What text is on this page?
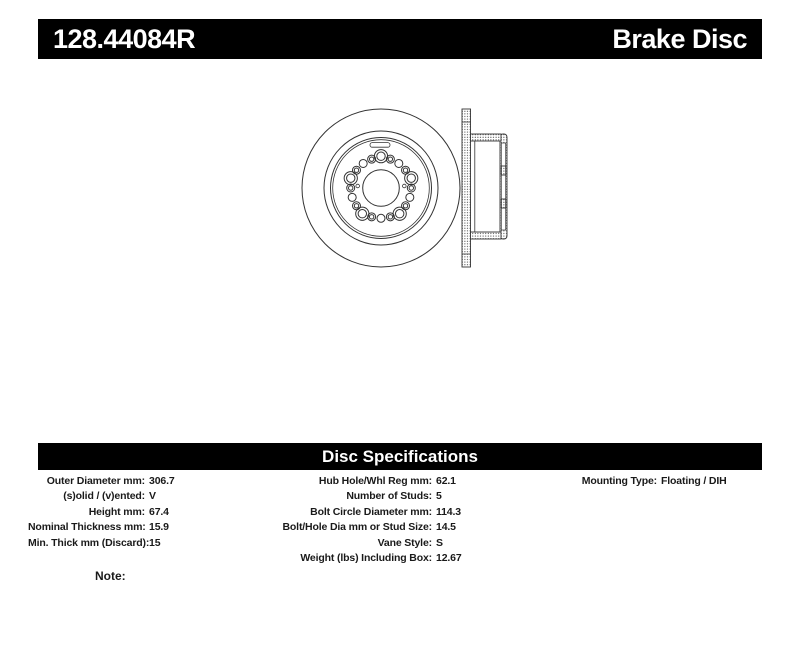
128.44084R	Brake Disc
Disc Specifications
Outer Diameter mm: 306.7
(s)olid / (v)ented: V
Height mm: 67.4
Nominal Thickness mm: 15.9
Min. Thick mm (Discard): 15
Hub Hole/Whl Reg mm: 62.1
Number of Studs: 5
Bolt Circle Diameter mm: 114.3
Bolt/Hole Dia mm or Stud Size: 14.5
Vane Style: S
Weight (lbs) Including Box: 12.67
Mounting Type: Floating / DIH
Note:
